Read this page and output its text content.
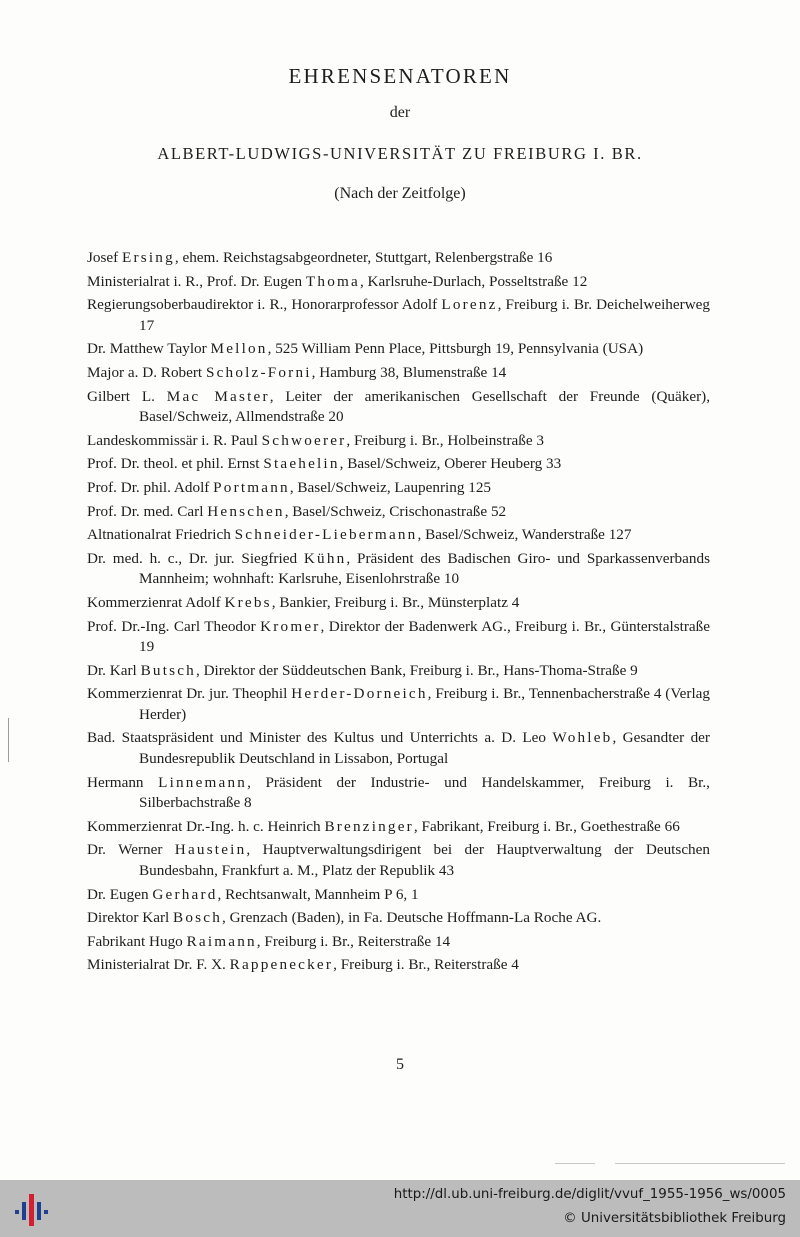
EHRENSENATOREN
der
ALBERT-LUDWIGS-UNIVERSITÄT ZU FREIBURG I. BR.
(Nach der Zeitfolge)
Josef Ersing, ehem. Reichstagsabgeordneter, Stuttgart, Relenbergstraße 16
Ministerialrat i. R., Prof. Dr. Eugen Thoma, Karlsruhe-Durlach, Posseltstraße 12
Regierungsoberbaudirektor i. R., Honorarprofessor Adolf Lorenz, Freiburg i. Br. Deichelweiherweg 17
Dr. Matthew Taylor Mellon, 525 William Penn Place, Pittsburgh 19, Pennsylvania (USA)
Major a. D. Robert Scholz-Forni, Hamburg 38, Blumenstraße 14
Gilbert L. Mac Master, Leiter der amerikanischen Gesellschaft der Freunde (Quäker), Basel/Schweiz, Allmendstraße 20
Landeskommissär i. R. Paul Schwoerer, Freiburg i. Br., Holbeinstraße 3
Prof. Dr. theol. et phil. Ernst Staehelin, Basel/Schweiz, Oberer Heuberg 33
Prof. Dr. phil. Adolf Portmann, Basel/Schweiz, Laupenring 125
Prof. Dr. med. Carl Henschen, Basel/Schweiz, Crischonastraße 52
Altnationalrat Friedrich Schneider-Liebermann, Basel/Schweiz, Wanderstraße 127
Dr. med. h. c., Dr. jur. Siegfried Kühn, Präsident des Badischen Giro- und Sparkassenverbands Mannheim; wohnhaft: Karlsruhe, Eisenlohrstraße 10
Kommerzienrat Adolf Krebs, Bankier, Freiburg i. Br., Münsterplatz 4
Prof. Dr.-Ing. Carl Theodor Kromer, Direktor der Badenwerk AG., Freiburg i. Br., Günterstalstraße 19
Dr. Karl Butsch, Direktor der Süddeutschen Bank, Freiburg i. Br., Hans-Thoma-Straße 9
Kommerzienrat Dr. jur. Theophil Herder-Dorneich, Freiburg i. Br., Tennenbacherstraße 4 (Verlag Herder)
Bad. Staatspräsident und Minister des Kultus und Unterrichts a. D. Leo Wohleb, Gesandter der Bundesrepublik Deutschland in Lissabon, Portugal
Hermann Linnemann, Präsident der Industrie- und Handelskammer, Freiburg i. Br., Silberbachstraße 8
Kommerzienrat Dr.-Ing. h. c. Heinrich Brenzinger, Fabrikant, Freiburg i. Br., Goethestraße 66
Dr. Werner Haustein, Hauptverwaltungsdirigent bei der Hauptverwaltung der Deutschen Bundesbahn, Frankfurt a. M., Platz der Republik 43
Dr. Eugen Gerhard, Rechtsanwalt, Mannheim P 6, 1
Direktor Karl Bosch, Grenzach (Baden), in Fa. Deutsche Hoffmann-La Roche AG.
Fabrikant Hugo Raimann, Freiburg i. Br., Reiterstraße 14
Ministerialrat Dr. F. X. Rappenecker, Freiburg i. Br., Reiterstraße 4
5
http://dl.ub.uni-freiburg.de/diglit/vvuf_1955-1956_ws/0005
© Universitätsbibliothek Freiburg
